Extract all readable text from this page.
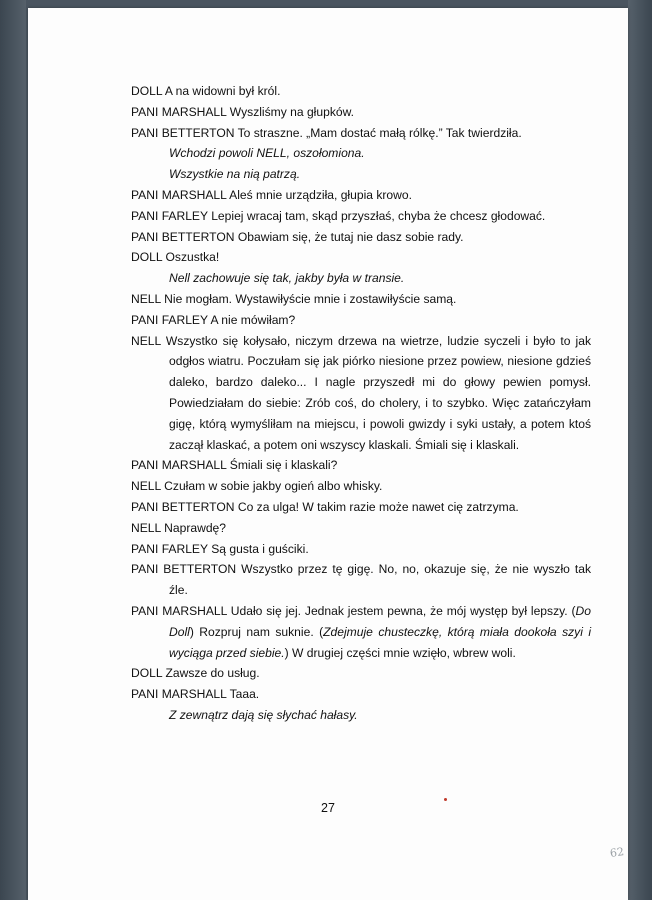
DOLL A na widowni był król.
PANI MARSHALL Wyszliśmy na głupków.
PANI BETTERTON To straszne. „Mam dostać małą rólkę.” Tak twierdziła.
Wchodzi powoli NELL, oszołomiona.
Wszystkie na nią patrzą.
PANI MARSHALL Aleś mnie urządziła, głupia krowo.
PANI FARLEY Lepiej wracaj tam, skąd przyszłaś, chyba że chcesz głodować.
PANI BETTERTON Obawiam się, że tutaj nie dasz sobie rady.
DOLL Oszustka!
Nell zachowuje się tak, jakby była w transie.
NELL Nie mogłam. Wystawiłyście mnie i zostawiłyście samą.
PANI FARLEY A nie mówiłam?
NELL Wszystko się kołysało, niczym drzewa na wietrze, ludzie syczeli i było to jak odgłos wiatru. Poczułam się jak piórko niesione przez powiew, niesione gdzieś daleko, bardzo daleko... I nagle przyszedł mi do głowy pewien pomysł. Powiedziałam do siebie: Zrób coś, do cholery, i to szybko. Więc zatańczyłam gigę, którą wymyśliłam na miejscu, i powoli gwizdy i syki ustały, a potem ktoś zaczął klaskać, a potem oni wszyscy klaskali. Śmiali się i klaskali.
PANI MARSHALL Śmiali się i klaskali?
NELL Czułam w sobie jakby ogień albo whisky.
PANI BETTERTON Co za ulga! W takim razie może nawet cię zatrzyma.
NELL Naprawdę?
PANI FARLEY Są gusta i guściki.
PANI BETTERTON Wszystko przez tę gigę. No, no, okazuje się, że nie wyszło tak źle.
PANI MARSHALL Udało się jej. Jednak jestem pewna, że mój występ był lepszy. (Do Doll) Rozpruj nam suknie. (Zdejmuje chusteczkę, którą miała dookoła szyi i wyciąga przed siebie.) W drugiej części mnie wzięło, wbrew woli.
DOLL Zawsze do usług.
PANI MARSHALL Taaa.
Z zewnątrz dają się słychać hałasy.
27
62
